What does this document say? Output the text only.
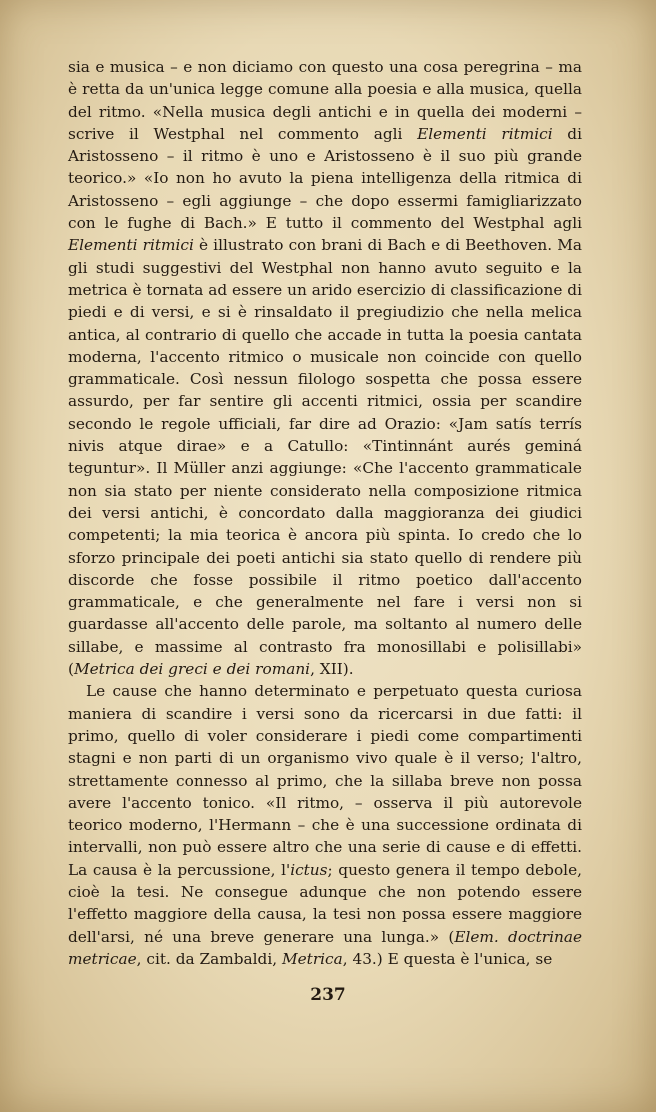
sia e musica – e non diciamo con questo una cosa peregrina – ma è retta da un'unica legge comune alla poesia e alla musica, quella del ritmo. «Nella musica degli antichi e in quella dei moderni – scrive il Westphal nel commento agli Elementi ritmici di Aristosseno – il ritmo è uno e Aristosseno è il suo più grande teorico.» «Io non ho avuto la piena intelligenza della ritmica di Aristosseno – egli aggiunge – che dopo essermi famigliarizzato con le fughe di Bach.» E tutto il commento del Westphal agli Elementi ritmici è illustrato con brani di Bach e di Beethoven. Ma gli studi suggestivi del Westphal non hanno avuto seguito e la metrica è tornata ad essere un arido esercizio di classificazione di piedi e di versi, e si è rinsaldato il pregiudizio che nella melica antica, al contrario di quello che accade in tutta la poesia cantata moderna, l'accento ritmico o musicale non coincide con quello grammaticale. Così nessun filologo sospetta che possa essere assurdo, per far sentire gli accenti ritmici, ossia per scandire secondo le regole ufficiali, far dire ad Orazio: «Jam satís terrís nivis atque dirae» e a Catullo: «Tintinnánt aurés geminá teguntur». Il Müller anzi aggiunge: «Che l'accento grammaticale non sia stato per niente considerato nella composizione ritmica dei versi antichi, è concordato dalla maggioranza dei giudici competenti; la mia teorica è ancora più spinta. Io credo che lo sforzo principale dei poeti antichi sia stato quello di rendere più discorde che fosse possibile il ritmo poetico dall'accento grammaticale, e che generalmente nel fare i versi non si guardasse all'accento delle parole, ma soltanto al numero delle sillabe, e massime al contrasto fra monosillabi e polisillabi» (Metrica dei greci e dei romani, XII).

Le cause che hanno determinato e perpetuato questa curiosa maniera di scandire i versi sono da ricercarsi in due fatti: il primo, quello di voler considerare i piedi come compartimenti stagni e non parti di un organismo vivo quale è il verso; l'altro, strettamente connesso al primo, che la sillaba breve non possa avere l'accento tonico. «Il ritmo, – osserva il più autorevole teorico moderno, l'Hermann – che è una successione ordinata di intervalli, non può essere altro che una serie di cause e di effetti. La causa è la percussione, l'ictus; questo genera il tempo debole, cioè la tesi. Ne consegue adunque che non potendo essere l'effetto maggiore della causa, la tesi non possa essere maggiore dell'arsi, né una breve generare una lunga.» (Elem. doctrinae metricae, cit. da Zambaldi, Metrica, 43.) E questa è l'unica, se

237
